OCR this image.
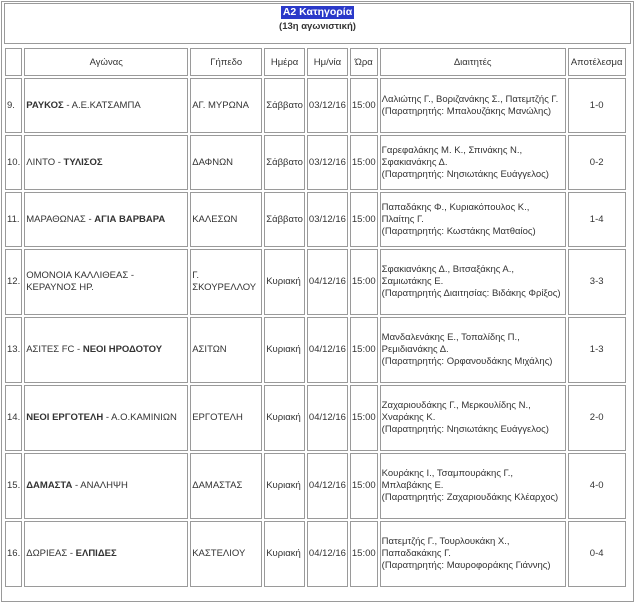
Α2 Κατηγορία
(13η αγωνιστική)
	Αγώνας	Γήπεδο	Ημέρα	Ημ/νία	Ώρα	Διαιτητές	Αποτέλεσμα
9.	ΡΑΥΚΟΣ - Α.Ε.ΚΑΤΣΑΜΠΑ	ΑΓ. ΜΥΡΩΝΑ	Σάββατο	03/12/16	15:00	Λαλιώτης Γ., Βοριζανάκης Σ., Πατεμτζής Γ.
(Παρατηρητής: Μπαλουζάκης Μανώλης)	1-0
10.	ΛΙΝΤΟ - ΤΥΛΙΣΟΣ	ΔΑΦΝΩΝ	Σάββατο	03/12/16	15:00	Γαρεφαλάκης Μ. Κ., Σπινάκης Ν., Σφακιανάκης Δ.
(Παρατηρητής: Νησιωτάκης Ευάγγελος)	0-2
11.	ΜΑΡΑΘΩΝΑΣ - ΑΓΙΑ ΒΑΡΒΑΡΑ	ΚΑΛΕΣΩΝ	Σάββατο	03/12/16	15:00	Παπαδάκης Φ., Κυριακόπουλος Κ., Πλαίτης Γ.
(Παρατηρητής: Κωστάκης Ματθαίος)	1-4
12.	ΟΜΟΝΟΙΑ ΚΑΛΛΙΘΕΑΣ - ΚΕΡΑΥΝΟΣ ΗΡ.	Γ. ΣΚΟΥΡΕΛΛΟΥ	Κυριακή	04/12/16	15:00	Σφακιανάκης Δ., Βιτσαξάκης Α., Σαμιωτάκης Ε.
(Παρατηρητής Διαιτησίας: Βιδάκης Φρίξος)	3-3
13.	ΑΣΙΤΕΣ FC - ΝΕΟΙ ΗΡΟΔΟΤΟΥ	ΑΣΙΤΩΝ	Κυριακή	04/12/16	15:00	Μανδαλενάκης Ε., Τοπαλίδης Π., Ρεμιδιανάκης Δ.
(Παρατηρητής: Ορφανουδάκης Μιχάλης)	1-3
14.	ΝΕΟΙ ΕΡΓΟΤΕΛΗ - Α.Ο.ΚΑΜΙΝΙΩΝ	ΕΡΓΟΤΕΛΗ	Κυριακή	04/12/16	15:00	Ζαχαριουδάκης Γ., Μερκουλίδης Ν., Χναράκης Κ.
(Παρατηρητής: Νησιωτάκης Ευάγγελος)	2-0
15.	ΔΑΜΑΣΤΑ - ΑΝΑΛΗΨΗ	ΔΑΜΑΣΤΑΣ	Κυριακή	04/12/16	15:00	Κουράκης Ι., Τσαμπουράκης Γ., Μπλαβάκης Ε.
(Παρατηρητής: Ζαχαριουδάκης Κλέαρχος)	4-0
16.	ΔΩΡΙΕΑΣ - ΕΛΠΙΔΕΣ	ΚΑΣΤΕΛΙΟΥ	Κυριακή	04/12/16	15:00	Πατεμτζής Γ., Τουρλουκάκη Χ., Παπαδακάκης Γ.
(Παρατηρητής: Μαυροφοράκης Γιάννης)	0-4
